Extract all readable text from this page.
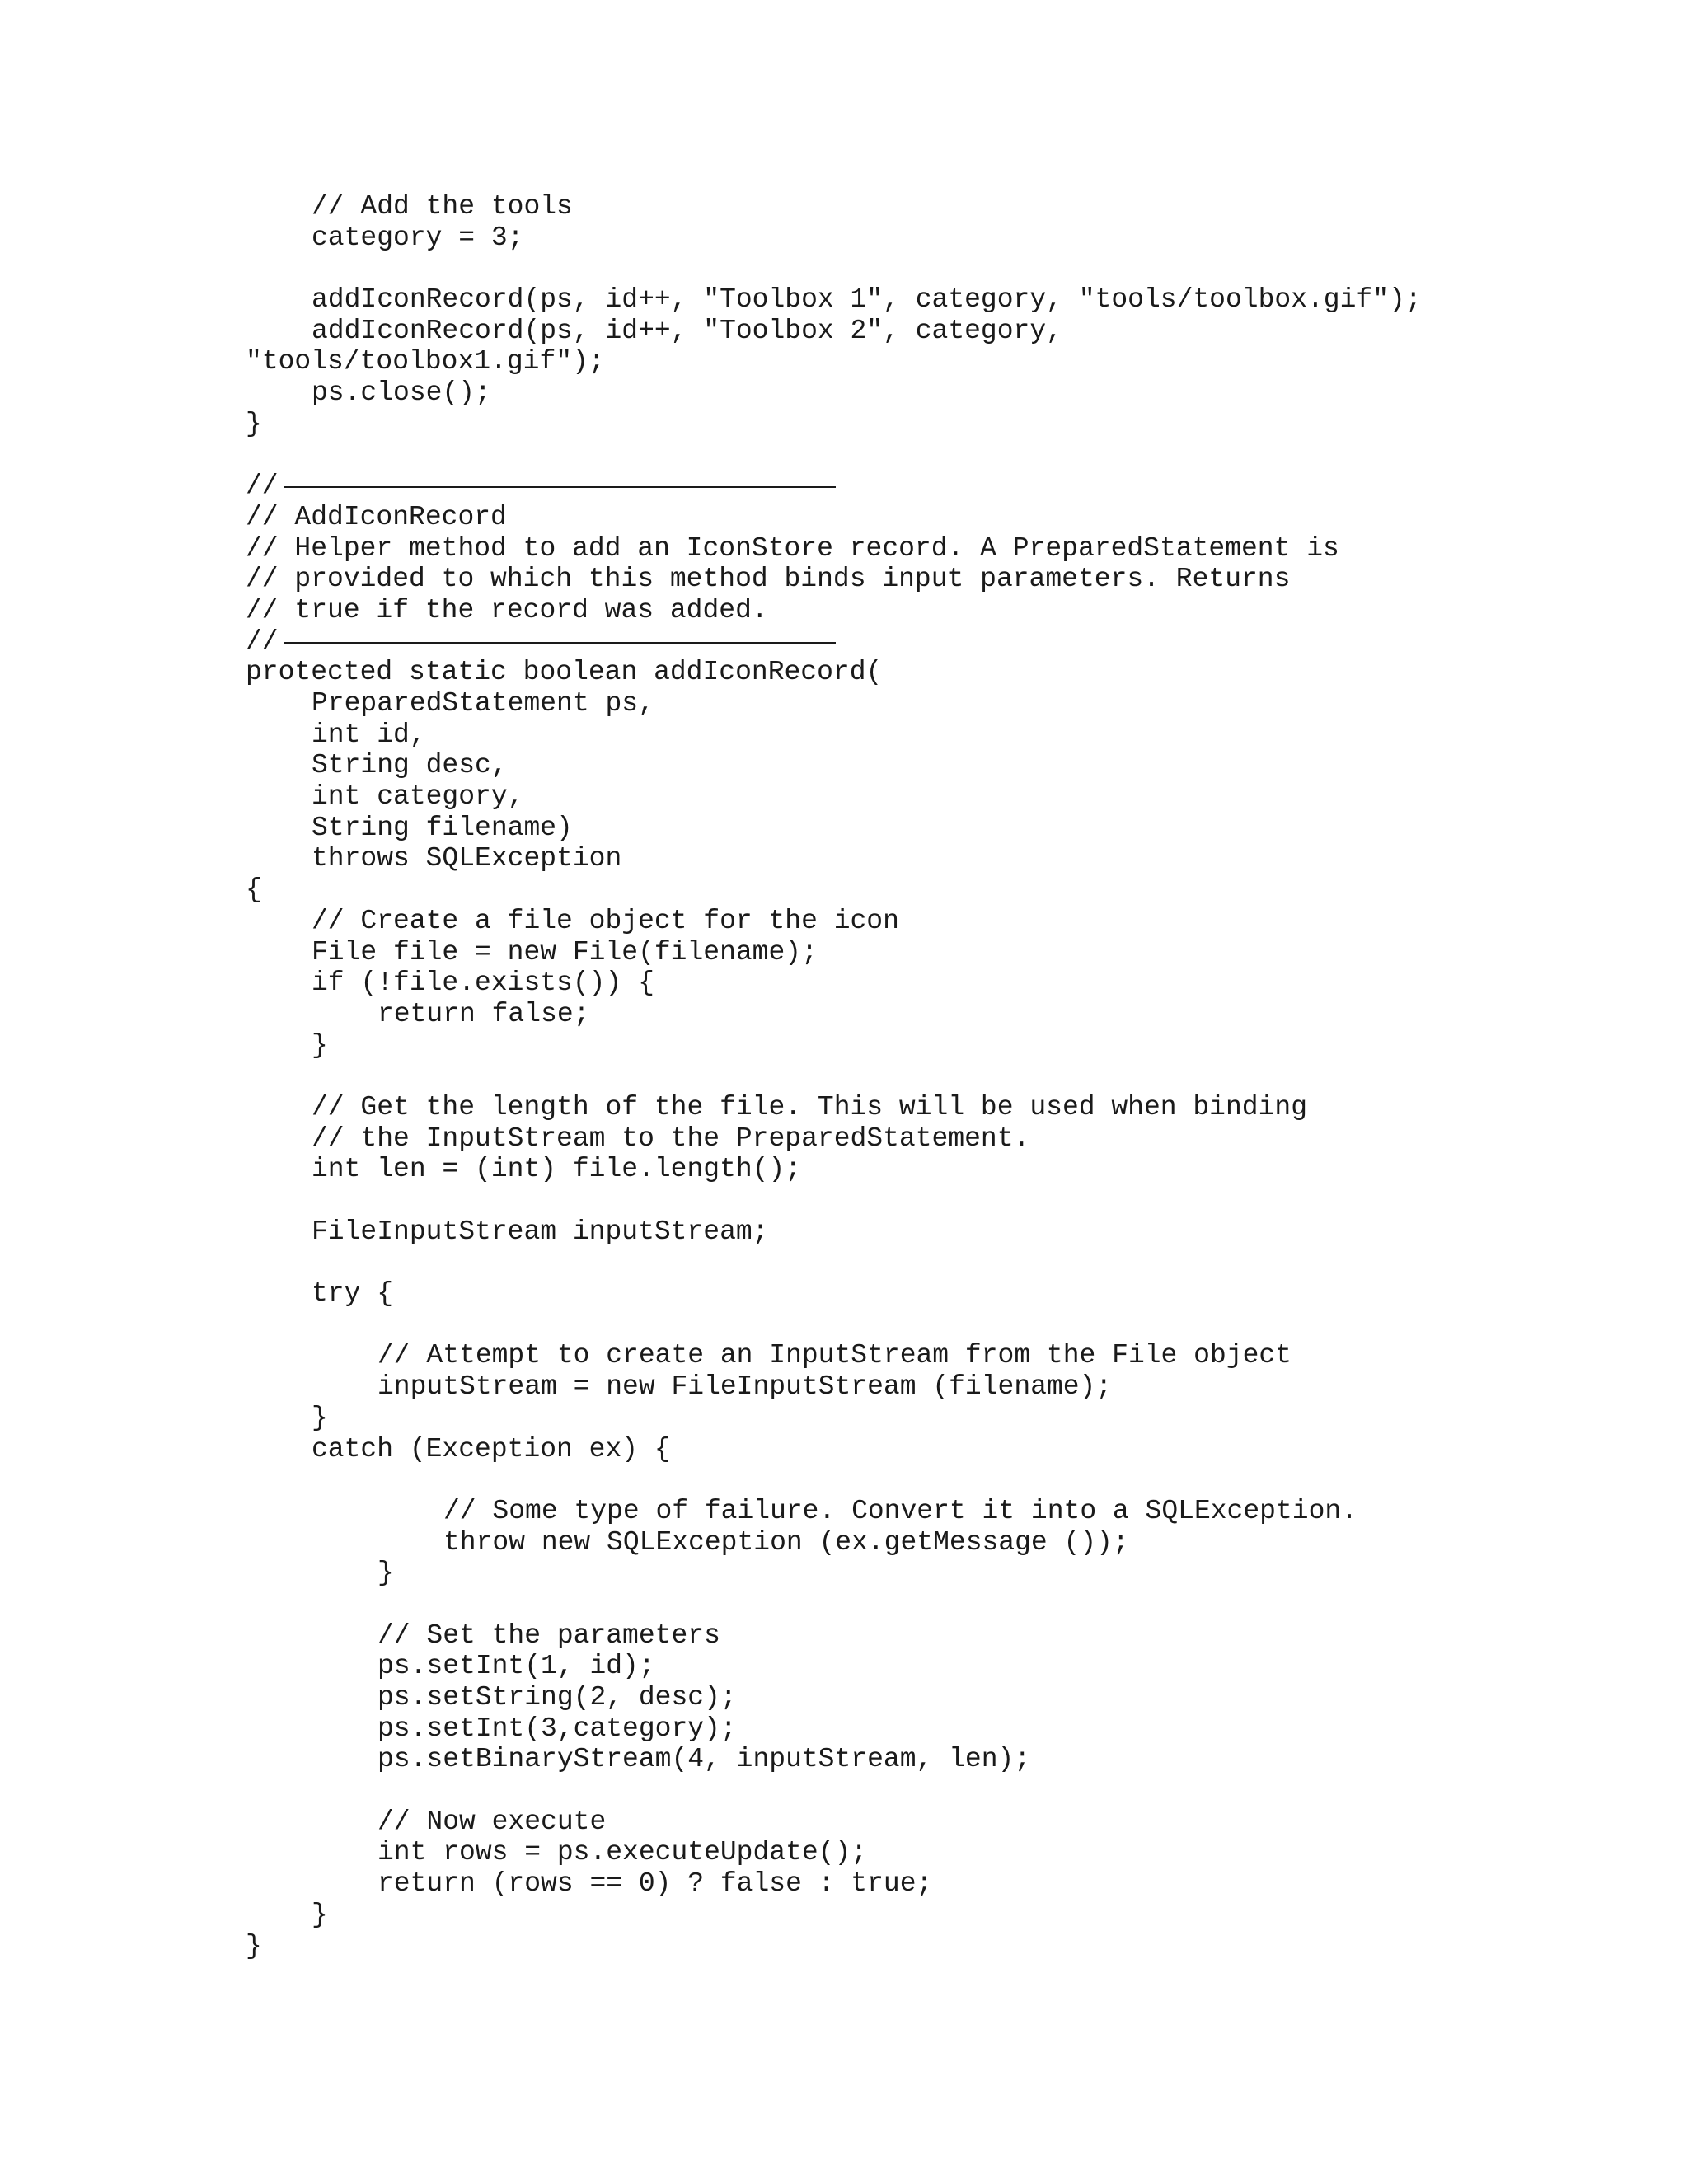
// Add the tools
category = 3;
addIconRecord(ps, id++, "Toolbox 1", category, "tools/toolbox.gif");
addIconRecord(ps, id++, "Toolbox 2", category,
"tools/toolbox1.gif");
ps.close();
}
//
// AddIconRecord
// Helper method to add an IconStore record. A PreparedStatement is
// provided to which this method binds input parameters. Returns
// true if the record was added.
//
protected static boolean addIconRecord(
PreparedStatement ps,
int id,
String desc,
int category,
String filename)
throws SQLException
{
// Create a file object for the icon
File file = new File(filename);
if (!file.exists()) {
return false;
}
// Get the length of the file. This will be used when binding
// the InputStream to the PreparedStatement.
int len = (int) file.length();
FileInputStream inputStream;
try {
// Attempt to create an InputStream from the File object
inputStream = new FileInputStream (filename);
}
catch (Exception ex) {
// Some type of failure. Convert it into a SQLException.
throw new SQLException (ex.getMessage ());
}
// Set the parameters
ps.setInt(1, id);
ps.setString(2, desc);
ps.setInt(3,category);
ps.setBinaryStream(4, inputStream, len);
// Now execute
int rows = ps.executeUpdate();
return (rows == 0) ? false : true;
}
}
